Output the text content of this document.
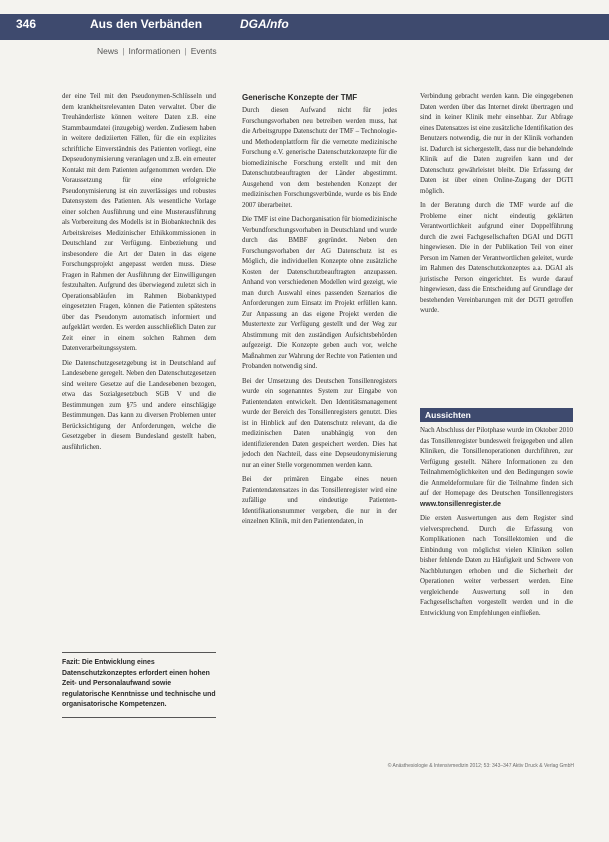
346	Aus den Verbänden	DGA/nfo
News | Informationen | Events

der eine Teil mit den Pseudonymen-Schlüsseln und dem krankheitsrelevanten Daten verwaltet. Über die Treuhänderliste können weitere Daten z.B. eine Stammbaumdatei (inzugebig) werden. Zudiesem haben in weitere dediziierten Fällen, für die ein explizites schriftliche Einverständnis des Patienten vorliegt, eine Depseudonymisierung veranlagen und z.B. ein erneuter Kontakt mit dem Patienten aufgenommen werden. Die Voraussetzung für eine erfolgreiche Pseudonymisierung ist ein zuverlässiges und robustes Datensystem des Patienten. Als wesentliche Vorlage einer solchen Ausführung und eine Musterausführung als Vorbereitung des Modells ist in Biobanktechnik des Arbeitskreises Medizinischer Ethikkommissionen in Deutschland zur Verfügung. Einbeziehung und insbesondere die Art der Daten in das eigene Forschungsprojekt angepasst werden muss. Diese Fragen in Rahmen der Ausführung der Einwilligungen festzuhalten. Aufgrund des überwiegend zuletzt sich in Operationsabläufen im Rahmen Biobanktyped eingesetzten Fragen, können die Patienten spätestens über das Pseudonym automatisch informiert und aufgeklärt werden. Es werden ausschließlich Daten zur Zeit einer in einem solchen Rahmen dem Datenverarbeitungssystem.

Die Datenschutzgesetzgebung ist in Deutschland auf Landesebene geregelt. Neben den Datenschutzgesetzen sind weitere Gesetze auf die Landesebenen bezogen, etwa das Sozialgesetzbuch SGB V und die Bestimmungen zum §75 und andere einschlägige Bestimmungen. Das kann zu diversen Problemen unter Berücksichtigung der Anforderungen, welche die Gesetzgeber in diesem Bundesland gestellt haben, ausführlichen.

Fazit: Die Entwicklung eines Datenschutzkonzeptes erfordert einen hohen Zeit- und Personalaufwand sowie regulatorische Kenntnisse und technische und organisatorische Kompetenzen.

Generische Konzepte der TMF

Durch diesen Aufwand nicht für jedes Forschungsvorhaben neu betreiben werden muss, hat die Arbeitsgruppe Datenschutz der TMF – Technologie- und Methodenplattform für die vernetzte medizinische Forschung e.V. generische Datenschutzkonzepte für die biomedizinische Forschung erstellt und mit den Datenschutzbeauftragten der Länder abgestimmt. Ausgehend von dem bestehenden Konzept der medizinischen Forschungsverbünde, wurde es bis Ende 2007 überarbeitet.

Die TMF ist eine Dachorganisation für biomedizinische Verbundforschungsvorhaben in Deutschland und wurde durch das BMBF gegründet. Neben den Forschungsvorhaben der AG Datenschutz ist es Möglich, die individuellen Konzepte ohne zusätzliche Kosten der Datenschutzbeauftragten anzupassen. Anhand von verschiedenen Modellen wird gezeigt, wie man durch Auswahl eines passenden Szenarios die Anforderungen zum Einsatz im Projekt erfüllen kann. Zur Anpassung an das eigene Projekt werden die Mustertexte zur Verfügung gestellt und der Weg zur Abstimmung mit den zuständigen Aufsichtsbehörden aufgezeigt. Die Konzepte geben auch vor, welche Maßnahmen zur Wahrung der Rechte von Patienten und Probanden notwendig sind.

Bei der Umsetzung des Deutschen Tonsillenregisters wurde ein sogenanntes System zur Eingabe von Patientendaten entwickelt. Den Identitätsmanagement wurde der Bereich des Tonsillenregisters genutzt. Dies ist in Hinblick auf den Datenschutz relevant, da die medizinischen Daten unabhängig von den identifizierenden Daten gespeichert werden. Dies hat jedoch den Nachteil, dass eine Depseudonymisierung nur an einer Stelle vorgenommen werden kann.

Bei der primären Eingabe eines neuen Patientendatensatzes in das Tonsillenregister wird eine zufällige und eindeutige Patienten-Identifikationsnummer vergeben, die nur in der einzelnen Klinik, mit den Patientendaten, in

Verbindung gebracht werden kann. Die eingegebenen Daten werden über das Internet direkt übertragen und sind in keiner Klinik mehr einsehbar. Zur Abfrage eines Datensatzes ist eine zusätzliche Identifikation des Benutzers notwendig, die nur in der Klinik vorhanden ist. Dadurch ist sichergestellt, dass nur die behandelnde Klinik auf die Daten zugreifen kann und der Datenschutz gewährleistet bleibt. Die Erfassung der Daten ist über einen Online-Zugang der DGTI möglich.

In der Beratung durch die TMF wurde auf die Probleme einer nicht eindeutig geklärten Verantwortlichkeit aufgrund einer Doppelführung durch die zwei Fachgesellschaften DGAI und DGTI hingewiesen. Die in der Publikation Teil von einer Person im Namen der Verantwortlichen geleitet, wurde im Rahmen des Datenschutzkonzeptes a.a. DGAI als juristische Person eingerichtet. Es wurde darauf hingewiesen, dass die Entscheidung auf Grundlage der bestehenden Vereinbarungen mit der DGTI getroffen wurde.

Aussichten

Nach Abschluss der Pilotphase wurde im Oktober 2010 das Tonsillenregister bundesweit freigegeben und allen Kliniken, die Tonsillenoperationen durchführen, zur Verfügung gestellt. Nähere Informationen zu den Teilnahmemöglichkeiten und den Bedingungen sowie die Anmeldeformulare für die Teilnahme finden sich auf der Homepage des Deutschen Tonsillenregisters www.tonsillenregister.de

Die ersten Auswertungen aus dem Register sind vielversprechend. Durch die Erfassung von Komplikationen nach Tonsillektomien und die Einbindung von möglichst vielen Kliniken sollen bisher fehlende Daten zu Häufigkeit und Schwere von Nachblutungen erhoben und die Sicherheit der Operationen weiter verbessert werden. Eine vergleichende Auswertung soll in den Fachgesellschaften vorgestellt werden und in die Entwicklung von Empfehlungen einfließen.

© Anästhesiologie & Intensivmedizin 2012; 53: 343–347 Aktiv Druck & Verlag GmbH
